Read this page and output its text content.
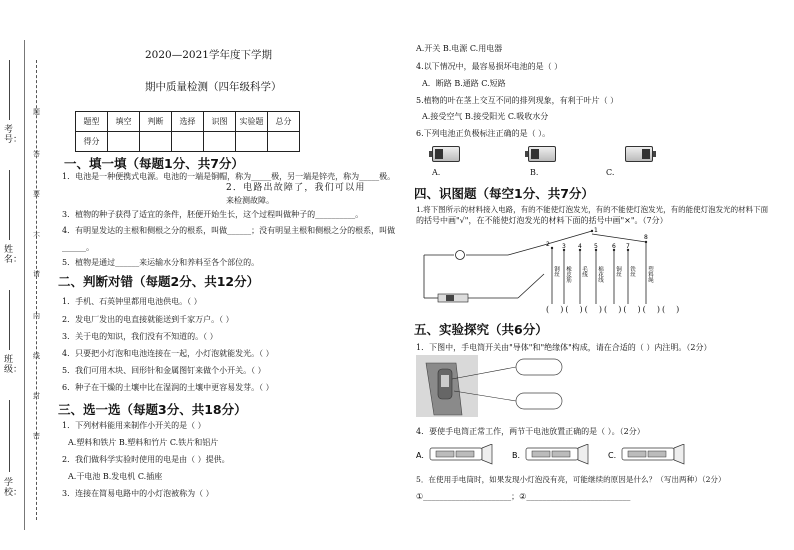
考号：
姓名：
班级：
学校：
题
答
要
不
请
内
线
封
密
2020—2021学年度下学期
期中质量检测（四年级科学）
题型	填空	判断	选择	识图	实验题	总分
得分						
一、填一填（每题1分、共7分）
1．电池是一种便携式电源。电池的一端是铜帽，称为_____极，另一端是锌壳，称为_____极。
2．电路出故障了，我们可以用
来检测故障。
3．植物的种子获得了适宜的条件，胚便开始生长，这个过程叫做种子的__________。
4．有明显发达的主根和侧根之分的根系，叫做______；没有明显主根和侧根之分的根系，叫做
______。
5．植物是通过______来运输水分和养料至各个部位的。
二、判断对错（每题2分、共12分）
1．手机、石英钟里都用电池供电。（ ）
2．发电厂发出的电直接就能送到千家万户。（ ）
3．关于电的知识，我们没有不知道的。（ ）
4．只要把小灯泡和电池连接在一起，小灯泡就能发光。（ ）
5．我们可用木块、回形针和金属图钉来做个小开关。（ ）
6．种子在干燥的土壤中比在湿润的土壤中更容易发芽。（ ）
三、选一选（每题3分、共18分）
1．下列材料能用来制作小开关的是（ ）
A.塑料和铁片 B.塑料和竹片 C.铁片和铝片
2．我们做科学实验时使用的电是由（ ）提供。
A.干电池 B.发电机 C.插座
3．连接在简易电路中的小灯泡被称为（ ）
A.开关 B.电源 C.用电器
4.以下情况中，最容易损坏电池的是（ ）
A．断路 B.通路 C.短路
5.植物的叶在茎上交互不同的排列现象，有利于叶片（ ）
A.接受空气 B.接受阳光 C.吸收水分
6.下列电池正负极标注正确的是（ ）。
A.	B.	C.
四、识图题（每空1分、共7分）
1.将下图所示的材料接入电路，有的不能使灯泡发光，有的不能使灯泡发光，有的能使灯泡发光的材料下面
的括号中画"√"，在不能使灯泡发光的材料下面的括号中画"×"。（7分）
1
2 3 4 5 6 7
8
钢丝 橡皮筋 毛线 棉花线 铜丝 铁丝 塑料绳
(  )(  )(  )(  )(  )(  )(  )
五、实验探究（共6分）
1．下图中，手电筒开关由"导体"和"绝缘体"构成，请在合适的（ ）内注明。（2分）
4．要使手电筒正常工作，两节干电池放置正确的是（ ）。（2分）
A.	B.	C.
5．在使用手电筒时，如果发现小灯泡没有亮，可能继续的原因是什么？（写出两种）（2分）
①______________________；②__________________________
